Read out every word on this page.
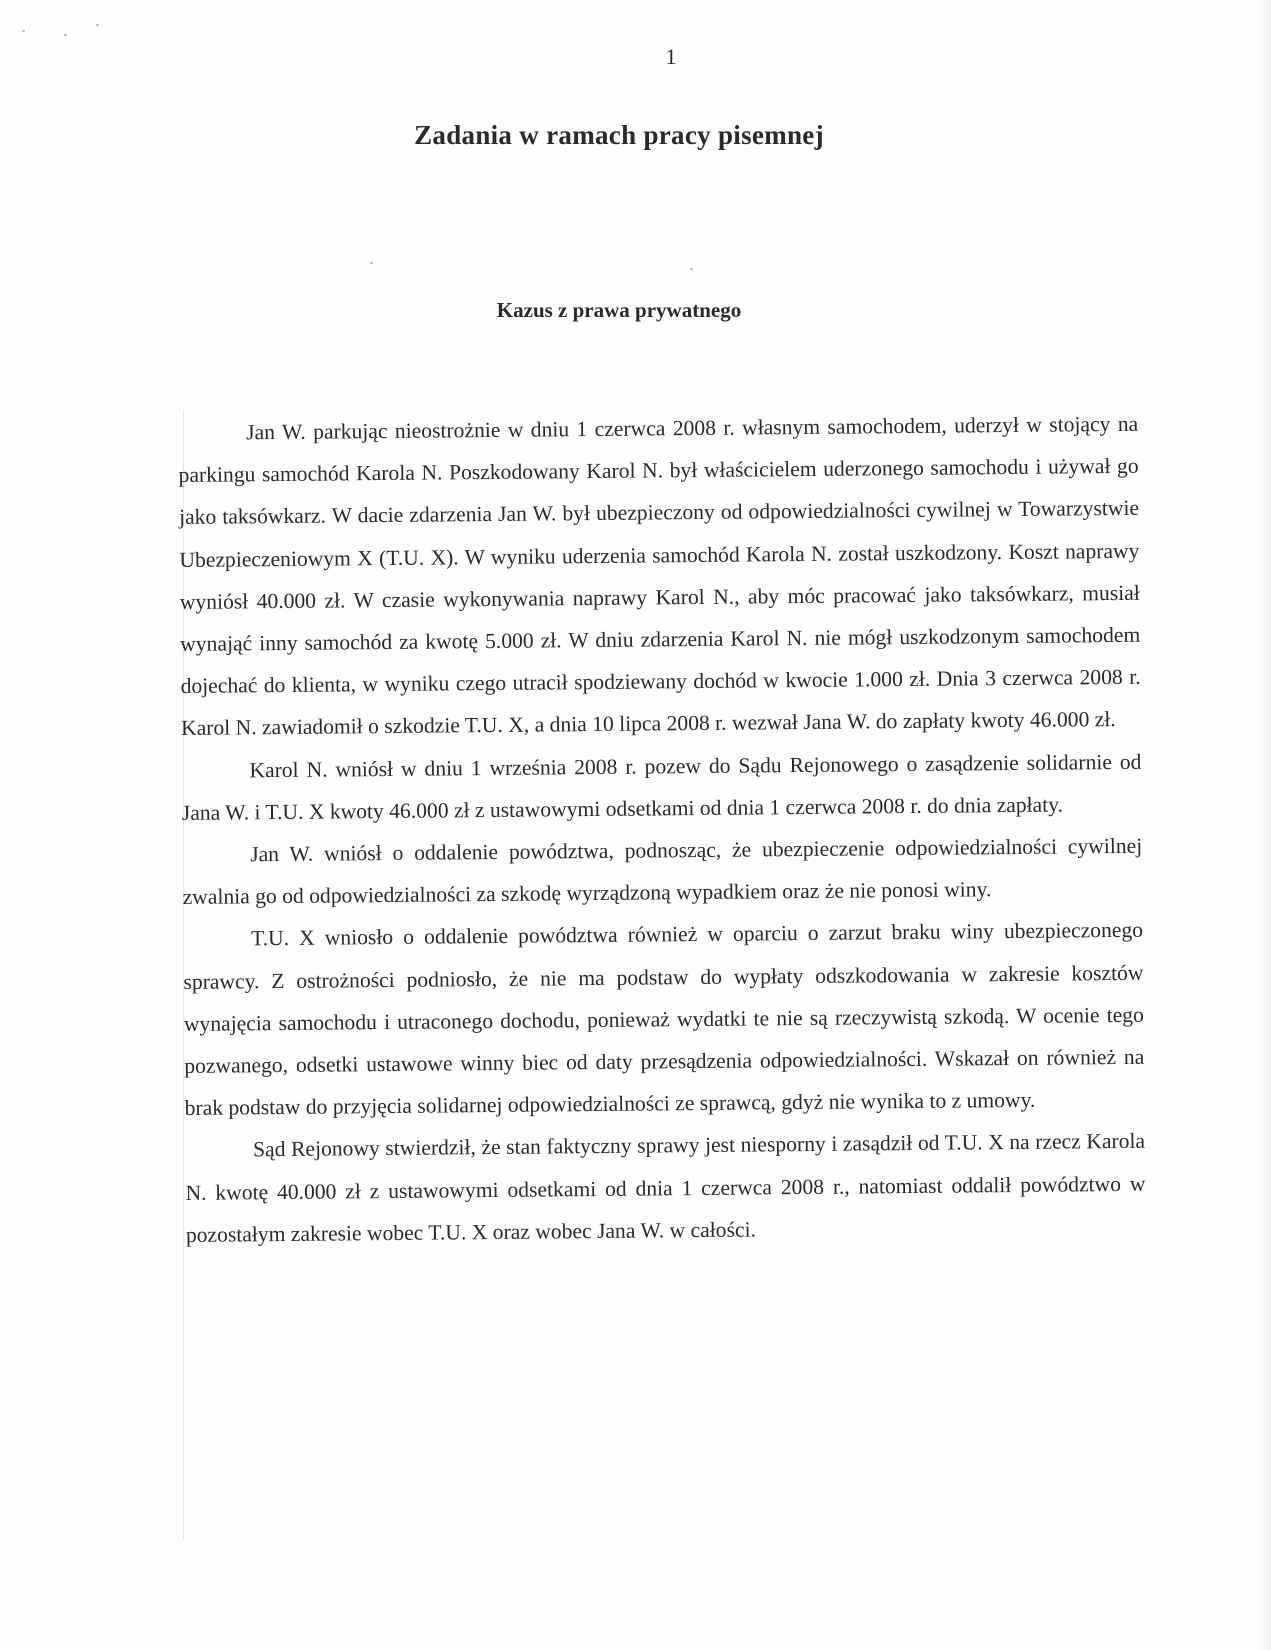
1
Zadania w ramach pracy pisemnej
Kazus z prawa prywatnego

Jan W. parkując nieostrożnie w dniu 1 czerwca 2008 r. własnym samochodem, uderzył w stojący na parkingu samochód Karola N. Poszkodowany Karol N. był właścicielem uderzonego samochodu i używał go jako taksówkarz. W dacie zdarzenia Jan W. był ubezpieczony od odpowiedzialności cywilnej w Towarzystwie Ubezpieczeniowym X (T.U. X). W wyniku uderzenia samochód Karola N. został uszkodzony. Koszt naprawy wyniósł 40.000 zł. W czasie wykonywania naprawy Karol N., aby móc pracować jako taksówkarz, musiał wynająć inny samochód za kwotę 5.000 zł. W dniu zdarzenia Karol N. nie mógł uszkodzonym samochodem dojechać do klienta, w wyniku czego utracił spodziewany dochód w kwocie 1.000 zł. Dnia 3 czerwca 2008 r. Karol N. zawiadomił o szkodzie T.U. X, a dnia 10 lipca 2008 r. wezwał Jana W. do zapłaty kwoty 46.000 zł.

Karol N. wniósł w dniu 1 września 2008 r. pozew do Sądu Rejonowego o zasądzenie solidarnie od Jana W. i T.U. X kwoty 46.000 zł z ustawowymi odsetkami od dnia 1 czerwca 2008 r. do dnia zapłaty.

Jan W. wniósł o oddalenie powództwa, podnosząc, że ubezpieczenie odpowiedzialności cywilnej zwalnia go od odpowiedzialności za szkodę wyrządzoną wypadkiem oraz że nie ponosi winy.

T.U. X wniosło o oddalenie powództwa również w oparciu o zarzut braku winy ubezpieczonego sprawcy. Z ostrożności podniosło, że nie ma podstaw do wypłaty odszkodowania w zakresie kosztów wynajęcia samochodu i utraconego dochodu, ponieważ wydatki te nie są rzeczywistą szkodą. W ocenie tego pozwanego, odsetki ustawowe winny biec od daty przesądzenia odpowiedzialności. Wskazał on również na brak podstaw do przyjęcia solidarnej odpowiedzialności ze sprawcą, gdyż nie wynika to z umowy.

Sąd Rejonowy stwierdził, że stan faktyczny sprawy jest niesporny i zasądził od T.U. X na rzecz Karola N. kwotę 40.000 zł z ustawowymi odsetkami od dnia 1 czerwca 2008 r., natomiast oddalił powództwo w pozostałym zakresie wobec T.U. X oraz wobec Jana W. w całości.
